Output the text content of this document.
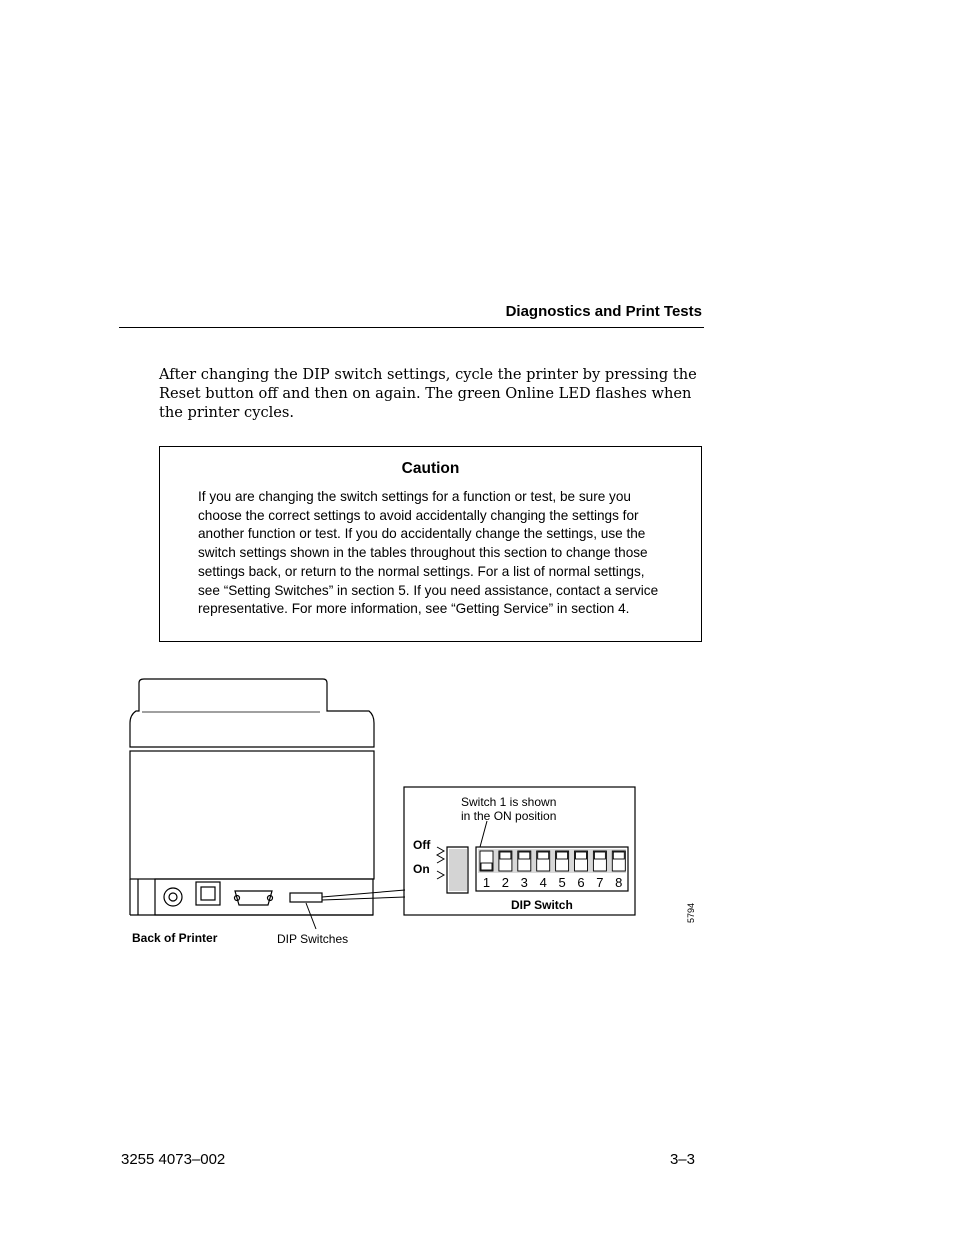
Diagnostics and Print Tests
After changing the DIP switch settings, cycle the printer by pressing the Reset button off and then on again. The green Online LED flashes when the printer cycles.
Caution
If you are changing the switch settings for a function or test, be sure you choose the correct settings to avoid accidentally changing the settings for another function or test. If you do accidentally change the settings, use the switch settings shown in the tables throughout this section to change those settings back, or return to the normal settings. For a list of normal settings, see “Setting Switches” in section 5. If you need assistance, contact a service representative. For more information, see “Getting Service” in section 4.
Back of Printer	DIP Switches
Switch 1 is shown
in the ON position
Off
On
DIP Switch	5794
1 2 3 4 5 6 7 8
3255 4073–002	3–3
